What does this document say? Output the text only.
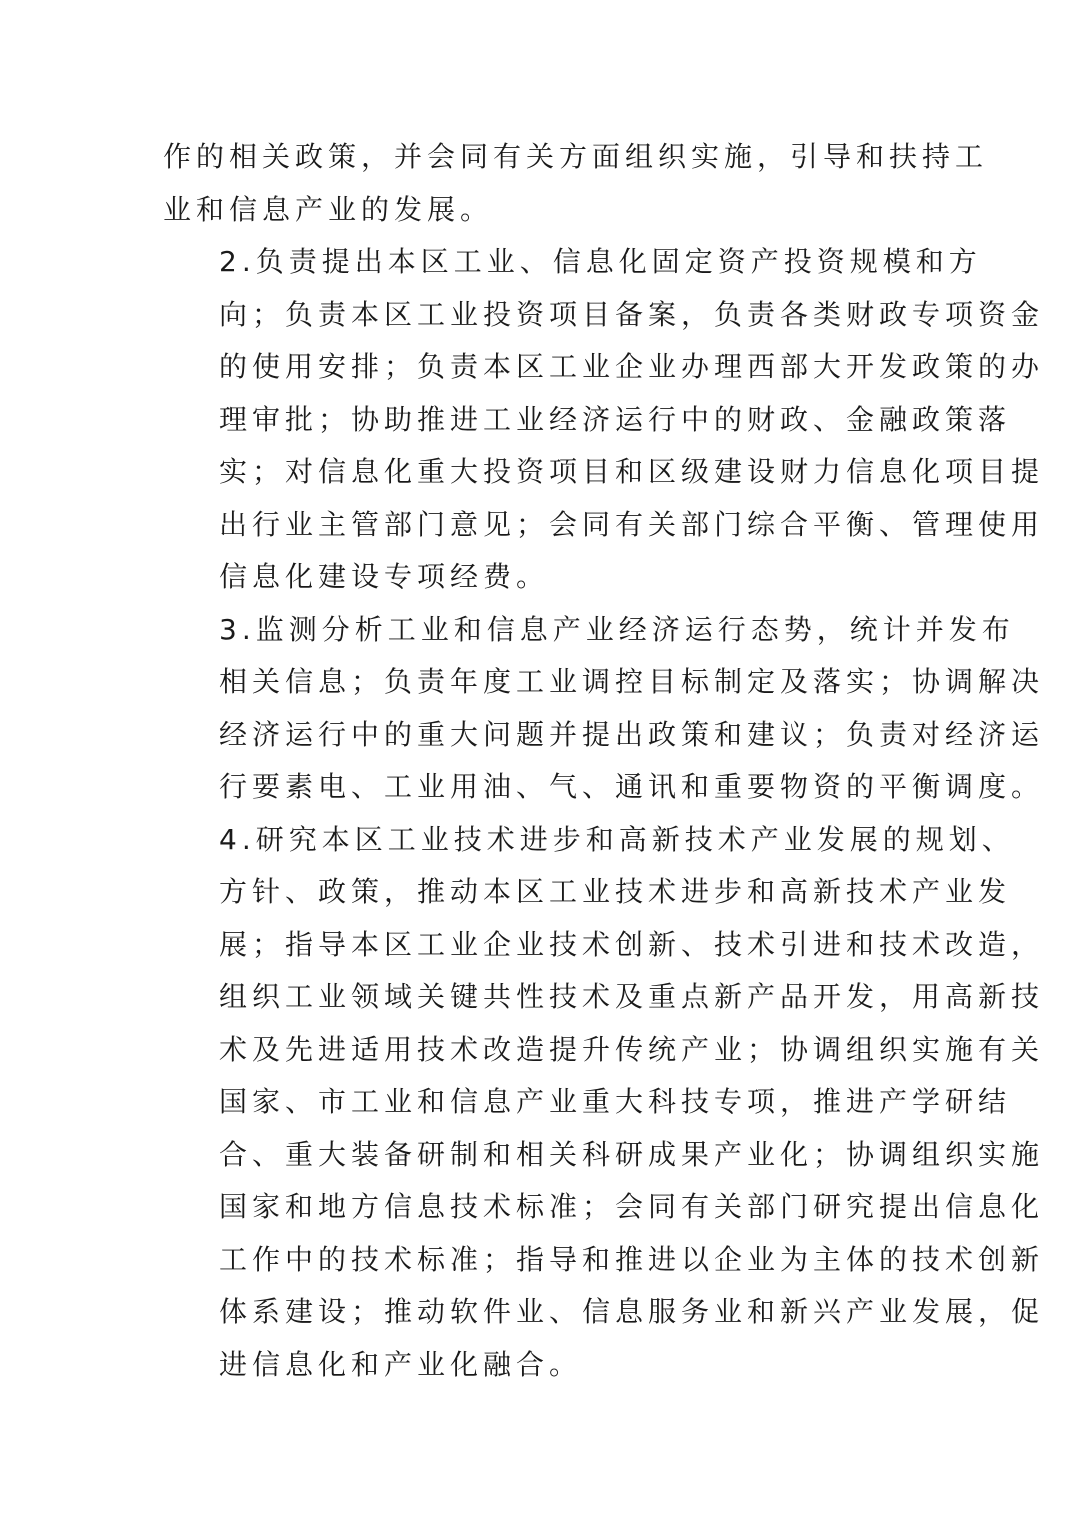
作的相关政策，并会同有关方面组织实施，引导和扶持工
业和信息产业的发展。

2.负责提出本区工业、信息化固定资产投资规模和方
向；负责本区工业投资项目备案，负责各类财政专项资金
的使用安排；负责本区工业企业办理西部大开发政策的办
理审批；协助推进工业经济运行中的财政、金融政策落
实；对信息化重大投资项目和区级建设财力信息化项目提
出行业主管部门意见；会同有关部门综合平衡、管理使用
信息化建设专项经费。

3.监测分析工业和信息产业经济运行态势，统计并发布
相关信息；负责年度工业调控目标制定及落实；协调解决
经济运行中的重大问题并提出政策和建议；负责对经济运
行要素电、工业用油、气、通讯和重要物资的平衡调度。

4.研究本区工业技术进步和高新技术产业发展的规划、
方针、政策，推动本区工业技术进步和高新技术产业发
展；指导本区工业企业技术创新、技术引进和技术改造，
组织工业领域关键共性技术及重点新产品开发，用高新技
术及先进适用技术改造提升传统产业；协调组织实施有关
国家、市工业和信息产业重大科技专项，推进产学研结
合、重大装备研制和相关科研成果产业化；协调组织实施
国家和地方信息技术标准；会同有关部门研究提出信息化
工作中的技术标准；指导和推进以企业为主体的技术创新
体系建设；推动软件业、信息服务业和新兴产业发展，促
进信息化和产业化融合。
